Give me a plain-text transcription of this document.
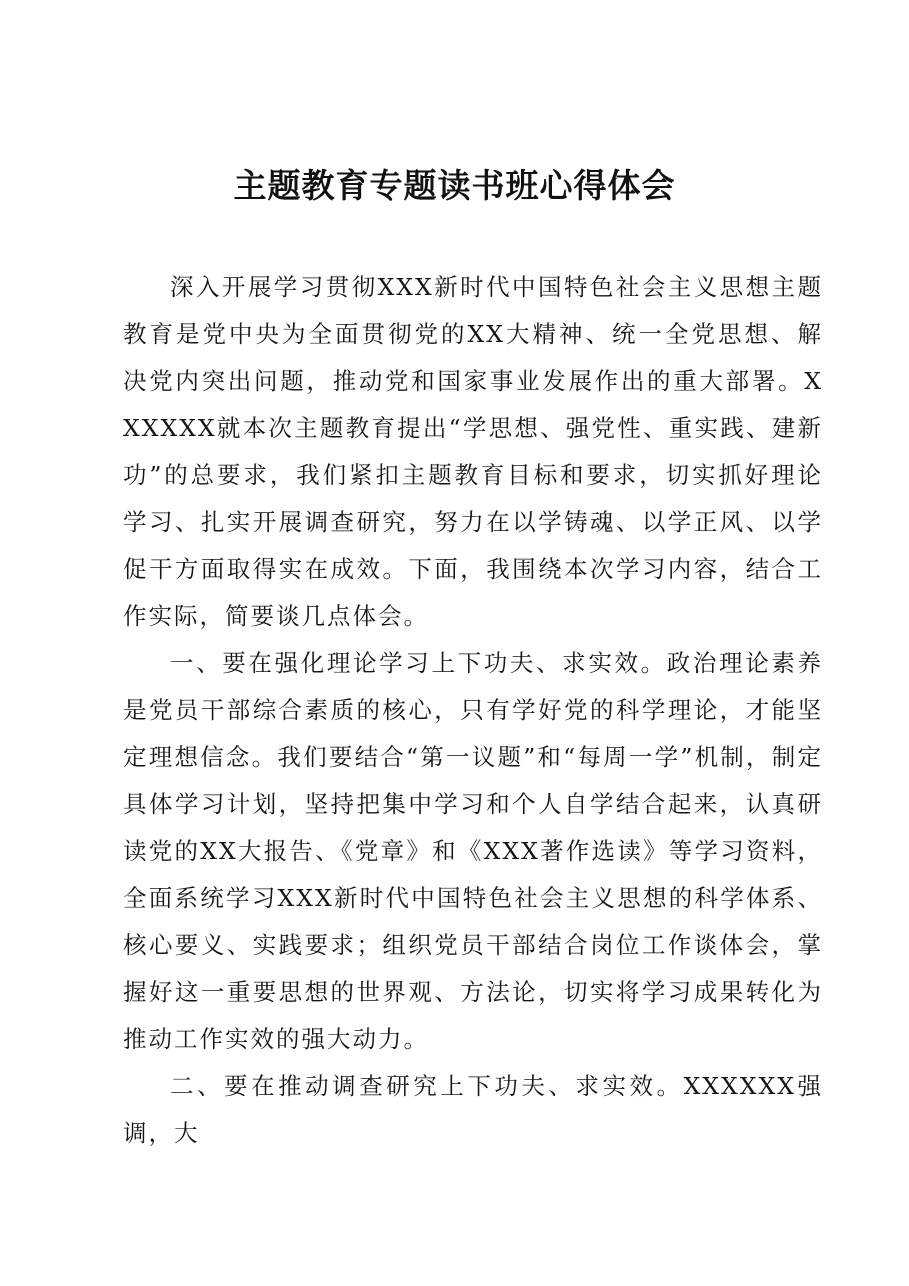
主题教育专题读书班心得体会

深入开展学习贯彻XXX新时代中国特色社会主义思想主题教育是党中央为全面贯彻党的XX大精神、统一全党思想、解决党内突出问题，推动党和国家事业发展作出的重大部署。XXXXXX就本次主题教育提出“学思想、强党性、重实践、建新功”的总要求，我们紧扣主题教育目标和要求，切实抓好理论学习、扎实开展调查研究，努力在以学铸魂、以学正风、以学促干方面取得实在成效。下面，我围绕本次学习内容，结合工作实际，简要谈几点体会。

一、要在强化理论学习上下功夫、求实效。政治理论素养是党员干部综合素质的核心，只有学好党的科学理论，才能坚定理想信念。我们要结合“第一议题”和“每周一学”机制，制定具体学习计划，坚持把集中学习和个人自学结合起来，认真研读党的XX大报告、《党章》和《XXX著作选读》等学习资料，全面系统学习XXX新时代中国特色社会主义思想的科学体系、核心要义、实践要求；组织党员干部结合岗位工作谈体会，掌握好这一重要思想的世界观、方法论，切实将学习成果转化为推动工作实效的强大动力。

二、要在推动调查研究上下功夫、求实效。XXXXXX强调，大
